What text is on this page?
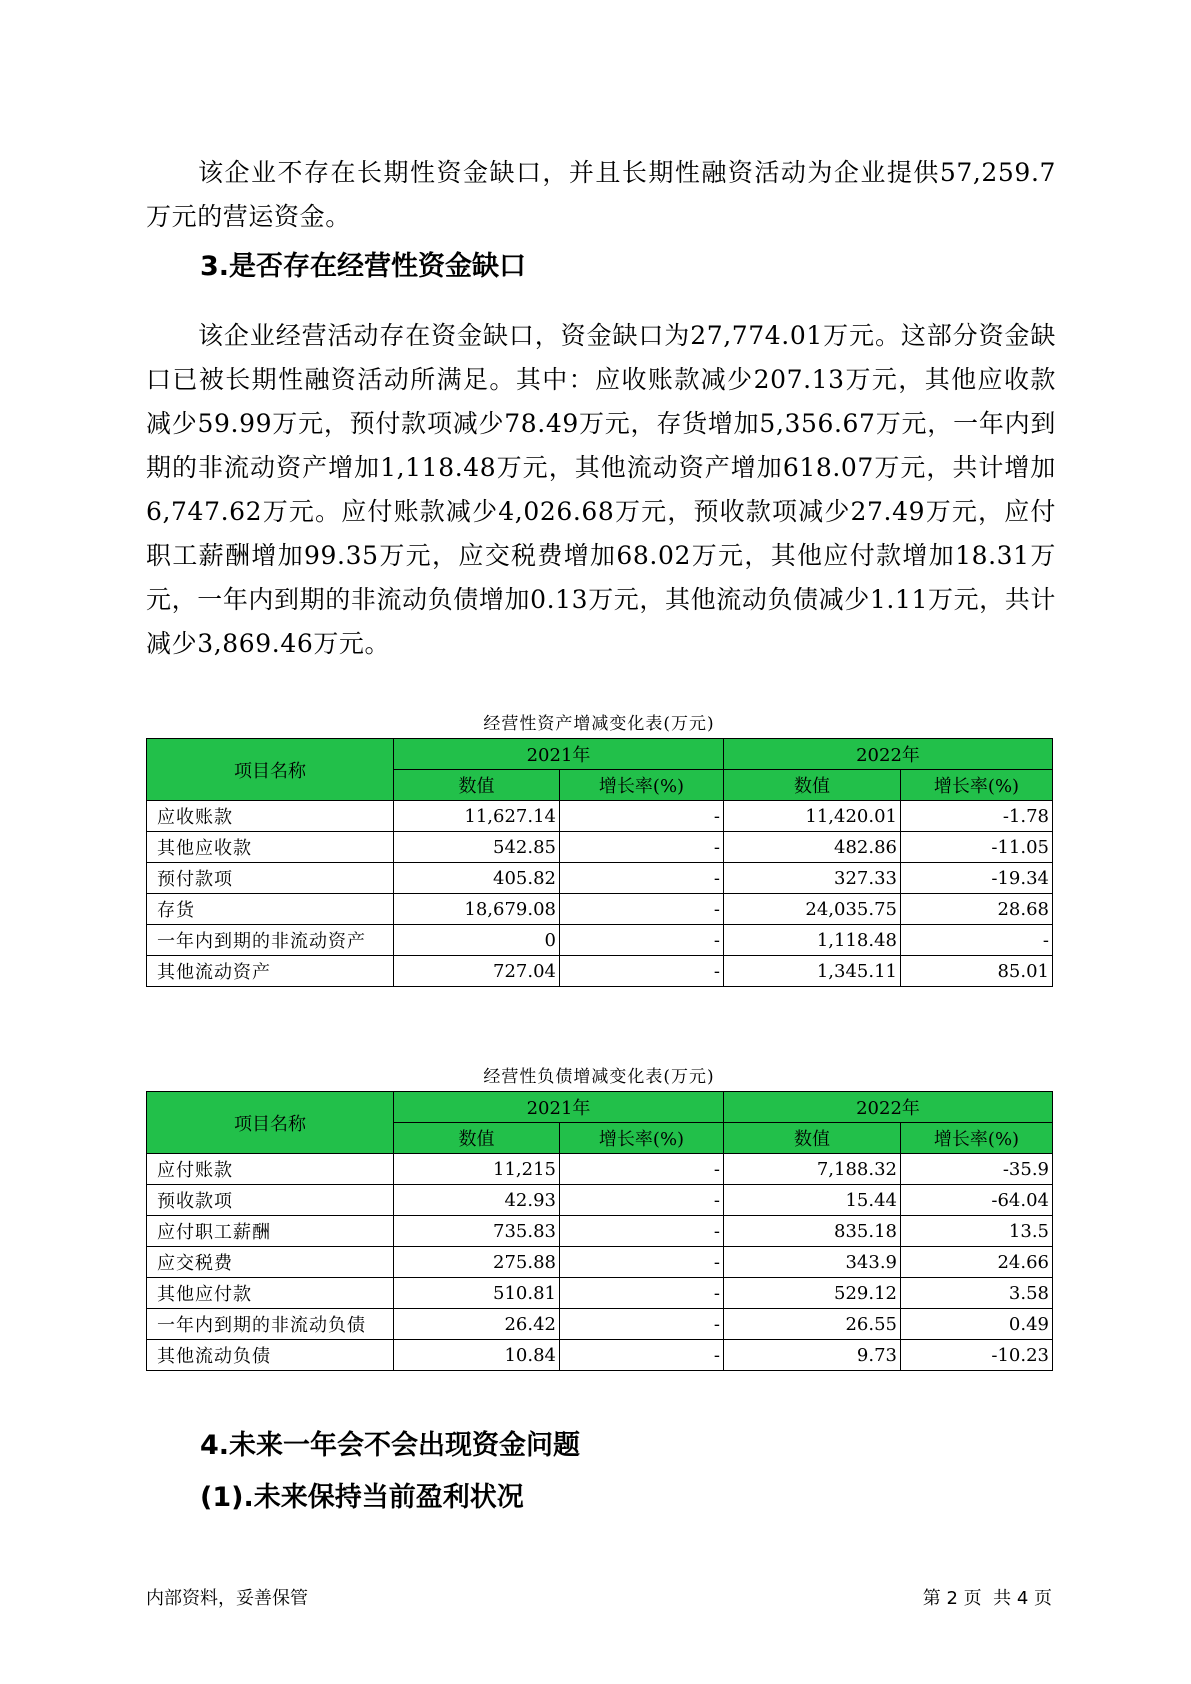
该企业不存在长期性资金缺口，并且长期性融资活动为企业提供57,259.7万元的营运资金。

3.是否存在经营性资金缺口

该企业经营活动存在资金缺口，资金缺口为27,774.01万元。这部分资金缺口已被长期性融资活动所满足。其中：应收账款减少207.13万元，其他应收款减少59.99万元，预付款项减少78.49万元，存货增加5,356.67万元，一年内到期的非流动资产增加1,118.48万元，其他流动资产增加618.07万元，共计增加6,747.62万元。应付账款减少4,026.68万元，预收款项减少27.49万元，应付职工薪酬增加99.35万元，应交税费增加68.02万元，其他应付款增加18.31万元，一年内到期的非流动负债增加0.13万元，其他流动负债减少1.11万元，共计减少3,869.46万元。

经营性资产增减变化表(万元)
项目名称	2021年		2022年	
	数值	增长率(%)	数值	增长率(%)
应收账款	11,627.14	-	11,420.01	-1.78
其他应收款	542.85	-	482.86	-11.05
预付款项	405.82	-	327.33	-19.34
存货	18,679.08	-	24,035.75	28.68
一年内到期的非流动资产	0	-	1,118.48	-
其他流动资产	727.04	-	1,345.11	85.01
经营性负债增减变化表(万元)
项目名称	2021年		2022年	
	数值	增长率(%)	数值	增长率(%)
应付账款	11,215	-	7,188.32	-35.9
预收款项	42.93	-	15.44	-64.04
应付职工薪酬	735.83	-	835.18	13.5
应交税费	275.88	-	343.9	24.66
其他应付款	510.81	-	529.12	3.58
一年内到期的非流动负债	26.42	-	26.55	0.49
其他流动负债	10.84	-	9.73	-10.23
4.未来一年会不会出现资金问题
(1).未来保持当前盈利状况
内部资料，妥善保管	第 2 页  共 4 页
